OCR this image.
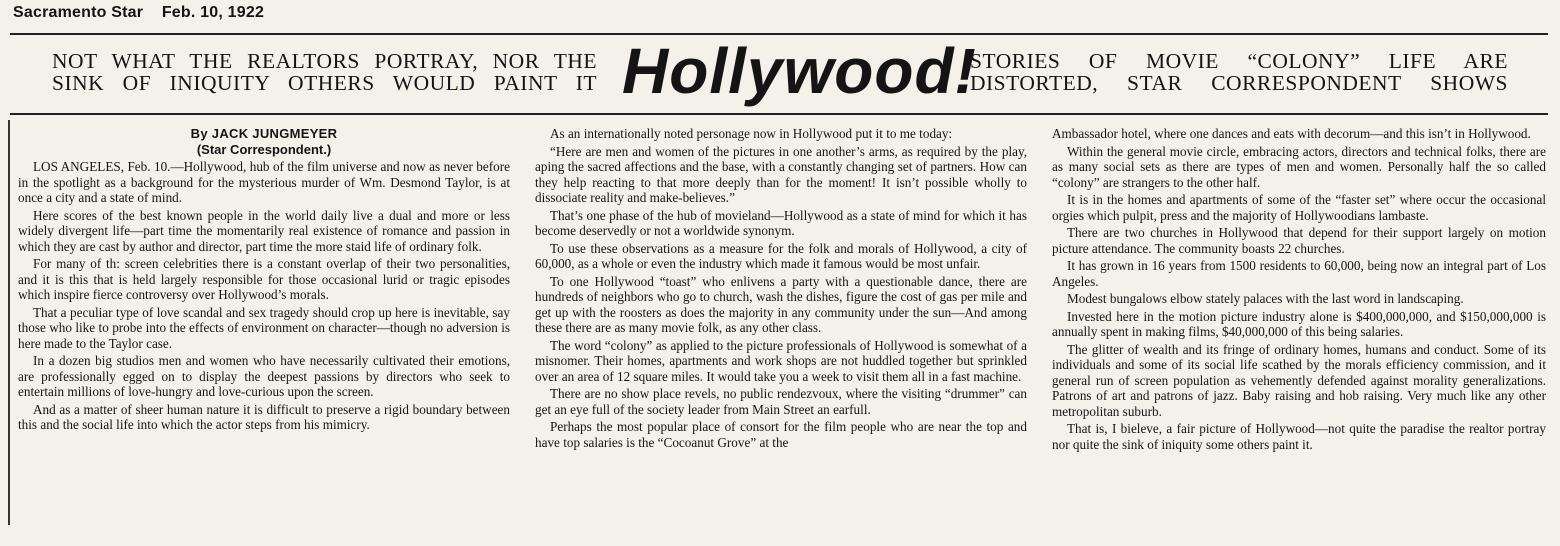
Sacramento Star Feb. 10, 1922
NOT WHAT THE REALTORS PORTRAY, NOR THE SINK OF INIQUITY OTHERS WOULD PAINT IT Hollywood!
STORIES OF MOVIE “COLONY” LIFE ARE DISTORTED, STAR CORRESPONDENT SHOWS
By JACK JUNGMEYER
(Star Correspondent.)

LOS ANGELES, Feb. 10.—Hollywood, hub of the film universe and now as never before in the spotlight as a background for the mysterious murder of Wm. Desmond Taylor, is at once a city and a state of mind.

Here scores of the best known people in the world daily live a dual and more or less widely divergent life—part time the momentarily real existence of romance and passion in which they are cast by author and director, part time the more staid life of ordinary folk.

For many of th: screen celebrities there is a constant overlap of their two personalities, and it is this that is held largely responsible for those occasional lurid or tragic episodes which inspire fierce controversy over Hollywood’s morals.

That a peculiar type of love scandal and sex tragedy should crop up here is inevitable, say those who like to probe into the effects of environment on character—though no adversion is here made to the Taylor case.

In a dozen big studios men and women who have necessarily cultivated their emotions, are professionally egged on to display the deepest passions by directors who seek to entertain millions of love-hungry and love-curious upon the screen.

And as a matter of sheer human nature it is difficult to preserve a rigid boundary between this and the social life into which the actor steps from his mimicry.

As an internationally noted personage now in Hollywood put it to me today:

“Here are men and women of the pictures in one another’s arms, as required by the play, aping the sacred affections and the base, with a constantly changing set of partners. How can they help reacting to that more deeply than for the moment! It isn’t possible wholly to dissociate reality and make-believes.”

That’s one phase of the hub of movieland—Hollywood as a state of mind for which it has become deservedly or not a worldwide synonym.

To use these observations as a measure for the folk and morals of Hollywood, a city of 60,000, as a whole or even the industry which made it famous would be most unfair.

To one Hollywood “toast” who enlivens a party with a questionable dance, there are hundreds of neighbors who go to church, wash the dishes, figure the cost of gas per mile and get up with the roosters as does the majority in any community under the sun—And among these there are as many movie folk, as any other class.

The word “colony” as applied to the picture professionals of Hollywood is somewhat of a misnomer. Their homes, apartments and work shops are not huddled together but sprinkled over an area of 12 square miles. It would take you a week to visit them all in a fast machine.

There are no show place revels, no public rendezvoux, where the visiting “drummer” can get an eye full of the society leader from Main Street an earfull.

Perhaps the most popular place of consort for the film people who are near the top and have top salaries is the “Cocoanut Grove” at the

Ambassador hotel, where one dances and eats with decorum—and this isn’t in Hollywood.

Within the general movie circle, embracing actors, directors and technical folks, there are as many social sets as there are types of men and women. Personally half the so called “colony” are strangers to the other half.

It is in the homes and apartments of some of the “faster set” where occur the occasional orgies which pulpit, press and the majority of Hollywoodians lambaste.

There are two churches in Hollywood that depend for their support largely on motion picture attendance. The community boasts 22 churches.

It has grown in 16 years from 1500 residents to 60,000, being now an integral part of Los Angeles.

Modest bungalows elbow stately palaces with the last word in landscaping.

Invested here in the motion picture industry alone is $400,000,000, and $150,000,000 is annually spent in making films, $40,000,000 of this being salaries.

The glitter of wealth and its fringe of ordinary homes, humans and conduct. Some of its individuals and some of its social life scathed by the morals efficiency commission, and it general run of screen population as vehemently defended against morality generalizations. Patrons of art and patrons of jazz. Baby raising and hob raising. Very much like any other metropolitan suburb.

That is, I bieleve, a fair picture of Hollywood—not quite the paradise the realtor portray nor quite the sink of iniquity some others paint it.
